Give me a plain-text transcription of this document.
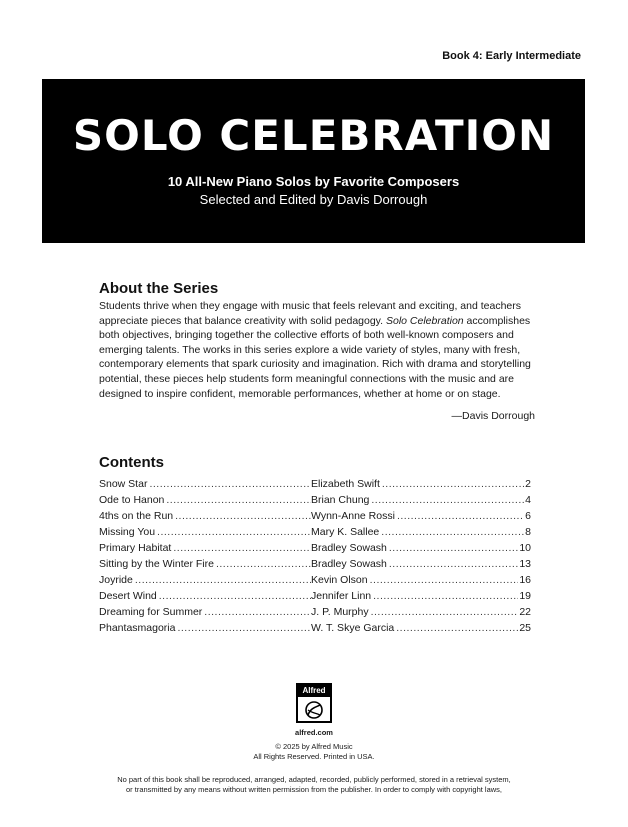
Book 4: Early Intermediate
SOLO CELEBRATION
10 All-New Piano Solos by Favorite Composers
Selected and Edited by Davis Dorrough
About the Series

Students thrive when they engage with music that feels relevant and exciting, and teachers appreciate pieces that balance creativity with solid pedagogy. Solo Celebration accomplishes both objectives, bringing together the collective efforts of both well-known composers and emerging talents. The works in this series explore a wide variety of styles, many with fresh, contemporary elements that spark curiosity and imagination. Rich with drama and storytelling potential, these pieces help students form meaningful connections with the music and are designed to inspire confident, memorable performances, whether at home or on stage.

—Davis Dorrough
Contents
Snow Star .....	Elizabeth Swift .....	2
Ode to Hanon .....	Brian Chung .....	4
4ths on the Run .....	Wynn-Anne Rossi .....	6
Missing You .....	Mary K. Sallee .....	8
Primary Habitat .....	Bradley Sowash .....	10
Sitting by the Winter Fire .....	Bradley Sowash .....	13
Joyride .....	Kevin Olson .....	16
Desert Wind .....	Jennifer Linn .....	19
Dreaming for Summer .....	J. P. Murphy .....	22
Phantasmagoria .....	W. T. Skye Garcia .....	25
Alfred
alfred.com
© 2025 by Alfred Music
All Rights Reserved. Printed in USA.
No part of this book shall be reproduced, arranged, adapted, recorded, publicly performed, stored in a retrieval system,
or transmitted by any means without written permission from the publisher. In order to comply with copyright laws,
